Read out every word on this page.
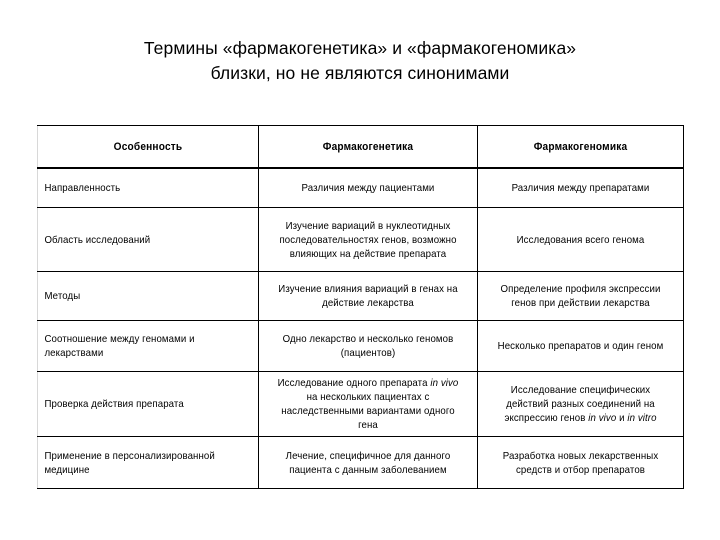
Термины «фармакогенетика» и «фармакогеномика»
близки, но не являются синонимами
Особенность	Фармакогенетика	Фармакогеномика

Направленность	Различия между пациентами	Различия между препаратами

Область исследований	Изучение вариаций в нуклеотидных последовательностях генов, возможно влияющих на действие препарата	Исследования всего генома

Методы	Изучение влияния вариаций в генах на действие лекарства	Определение профиля экспрессии генов при действии лекарства

Соотношение между геномами и лекарствами	Одно лекарство и несколько геномов (пациентов)	Несколько препаратов и один геном

Проверка действия препарата	Исследование одного препарата in vivo на нескольких пациентах с наследственными вариантами одного гена	Исследование специфических действий разных соединений на экспрессию генов in vivo и in vitro

Применение в персонализированной медицине	Лечение, специфичное для данного пациента с данным заболеванием	Разработка новых лекарственных средств и отбор препаратов
